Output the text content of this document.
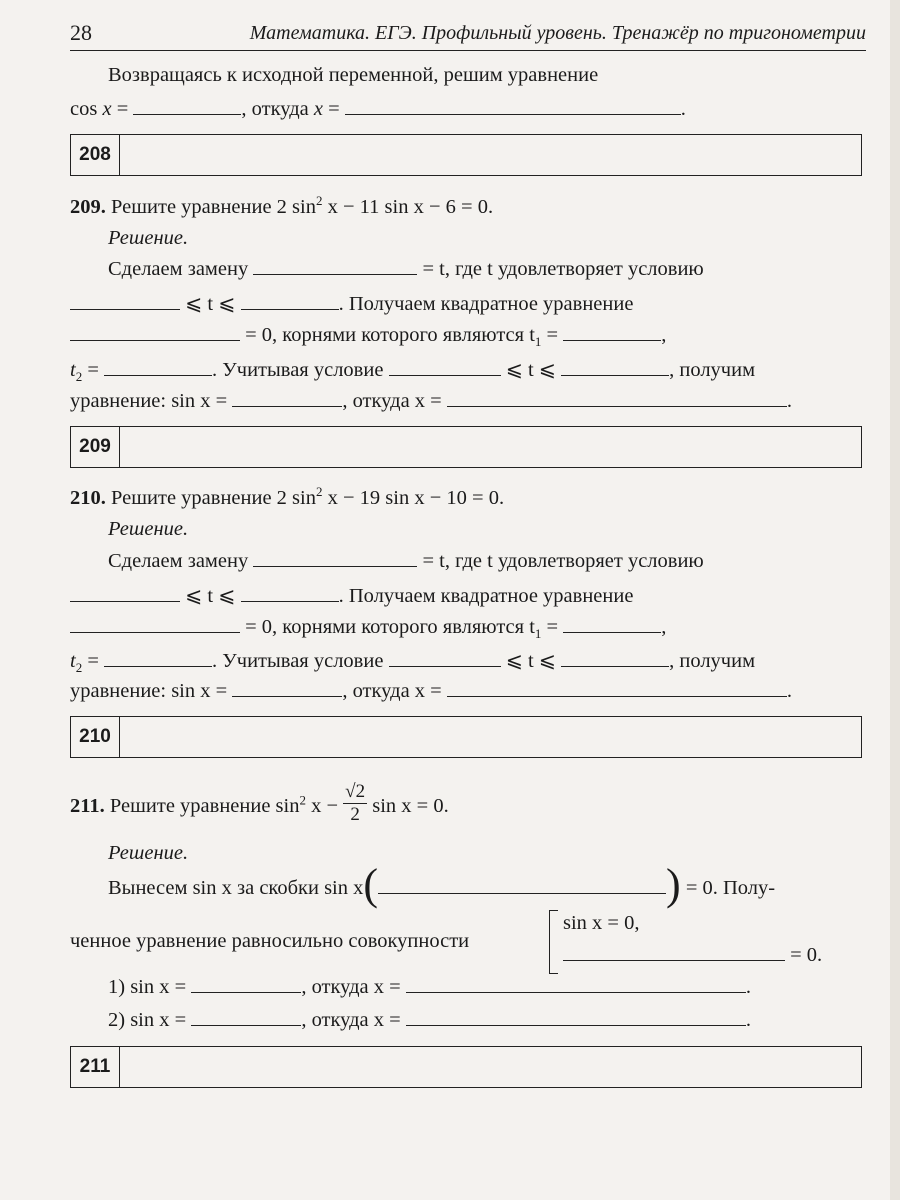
28	Математика. ЕГЭ. Профильный уровень. Тренажёр по тригонометрии
Возвращаясь к исходной переменной, решим уравнение
cos x =	, откуда x =	.
208
209. Решите уравнение 2 $\sin^2 x - 11$ sin x − 6 = 0.
Решение.
Сделаем замену	= t, где t удовлетворяет условию
⩽ t ⩽	. Получаем квадратное уравнение
= 0, корнями которого являются $t_1$ =	,
$t_2$ =	. Учитывая условие	⩽ t ⩽	, получим
уравнение: sin x =	, откуда x =	.
209
210. Решите уравнение 2 $\sin^2 x - 19$ sin x − 10 = 0.
Решение.
Сделаем замену	= t, где t удовлетворяет условию
⩽ t ⩽	. Получаем квадратное уравнение
= 0, корнями которого являются $t_1$ =	,
$t_2$ =	. Учитывая условие	⩽ t ⩽	, получим
уравнение: sin x =	, откуда x =	.
210
211. Решите уравнение $\sin^2 x - \frac{√2}{2}$ sin x = 0.
Решение.
Вынесем sin x за скобки sin x(	) = 0. Полу-
ченное уравнение равносильно совокупности
sin x = 0,
= 0.
1) sin x =	, откуда x =	.
2) sin x =	, откуда x =	.
211
